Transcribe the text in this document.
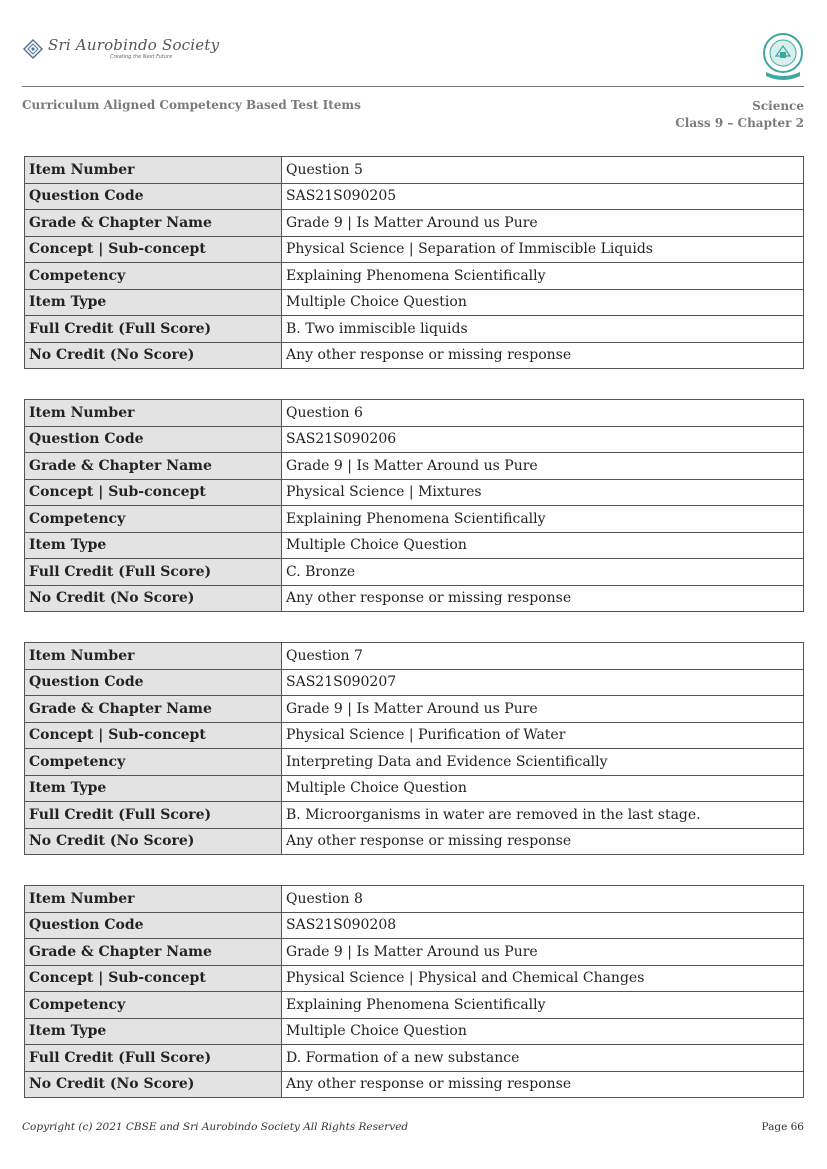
Sri Aurobindo Society
Creating the Next Future
Curriculum Aligned Competency Based Test Items	Science
Class 9 – Chapter 2
Item Number	Question 5
Question Code	SAS21S090205
Grade & Chapter Name	Grade 9 | Is Matter Around us Pure
Concept | Sub-concept	Physical Science | Separation of Immiscible Liquids
Competency	Explaining Phenomena Scientifically
Item Type	Multiple Choice Question
Full Credit (Full Score)	B. Two immiscible liquids
No Credit (No Score)	Any other response or missing response
Item Number	Question 6
Question Code	SAS21S090206
Grade & Chapter Name	Grade 9 | Is Matter Around us Pure
Concept | Sub-concept	Physical Science | Mixtures
Competency	Explaining Phenomena Scientifically
Item Type	Multiple Choice Question
Full Credit (Full Score)	C. Bronze
No Credit (No Score)	Any other response or missing response
Item Number	Question 7
Question Code	SAS21S090207
Grade & Chapter Name	Grade 9 | Is Matter Around us Pure
Concept | Sub-concept	Physical Science | Purification of Water
Competency	Interpreting Data and Evidence Scientifically
Item Type	Multiple Choice Question
Full Credit (Full Score)	B. Microorganisms in water are removed in the last stage.
No Credit (No Score)	Any other response or missing response
Item Number	Question 8
Question Code	SAS21S090208
Grade & Chapter Name	Grade 9 | Is Matter Around us Pure
Concept | Sub-concept	Physical Science | Physical and Chemical Changes
Competency	Explaining Phenomena Scientifically
Item Type	Multiple Choice Question
Full Credit (Full Score)	D. Formation of a new substance
No Credit (No Score)	Any other response or missing response
Copyright (c) 2021 CBSE and Sri Aurobindo Society All Rights Reserved	Page 66
